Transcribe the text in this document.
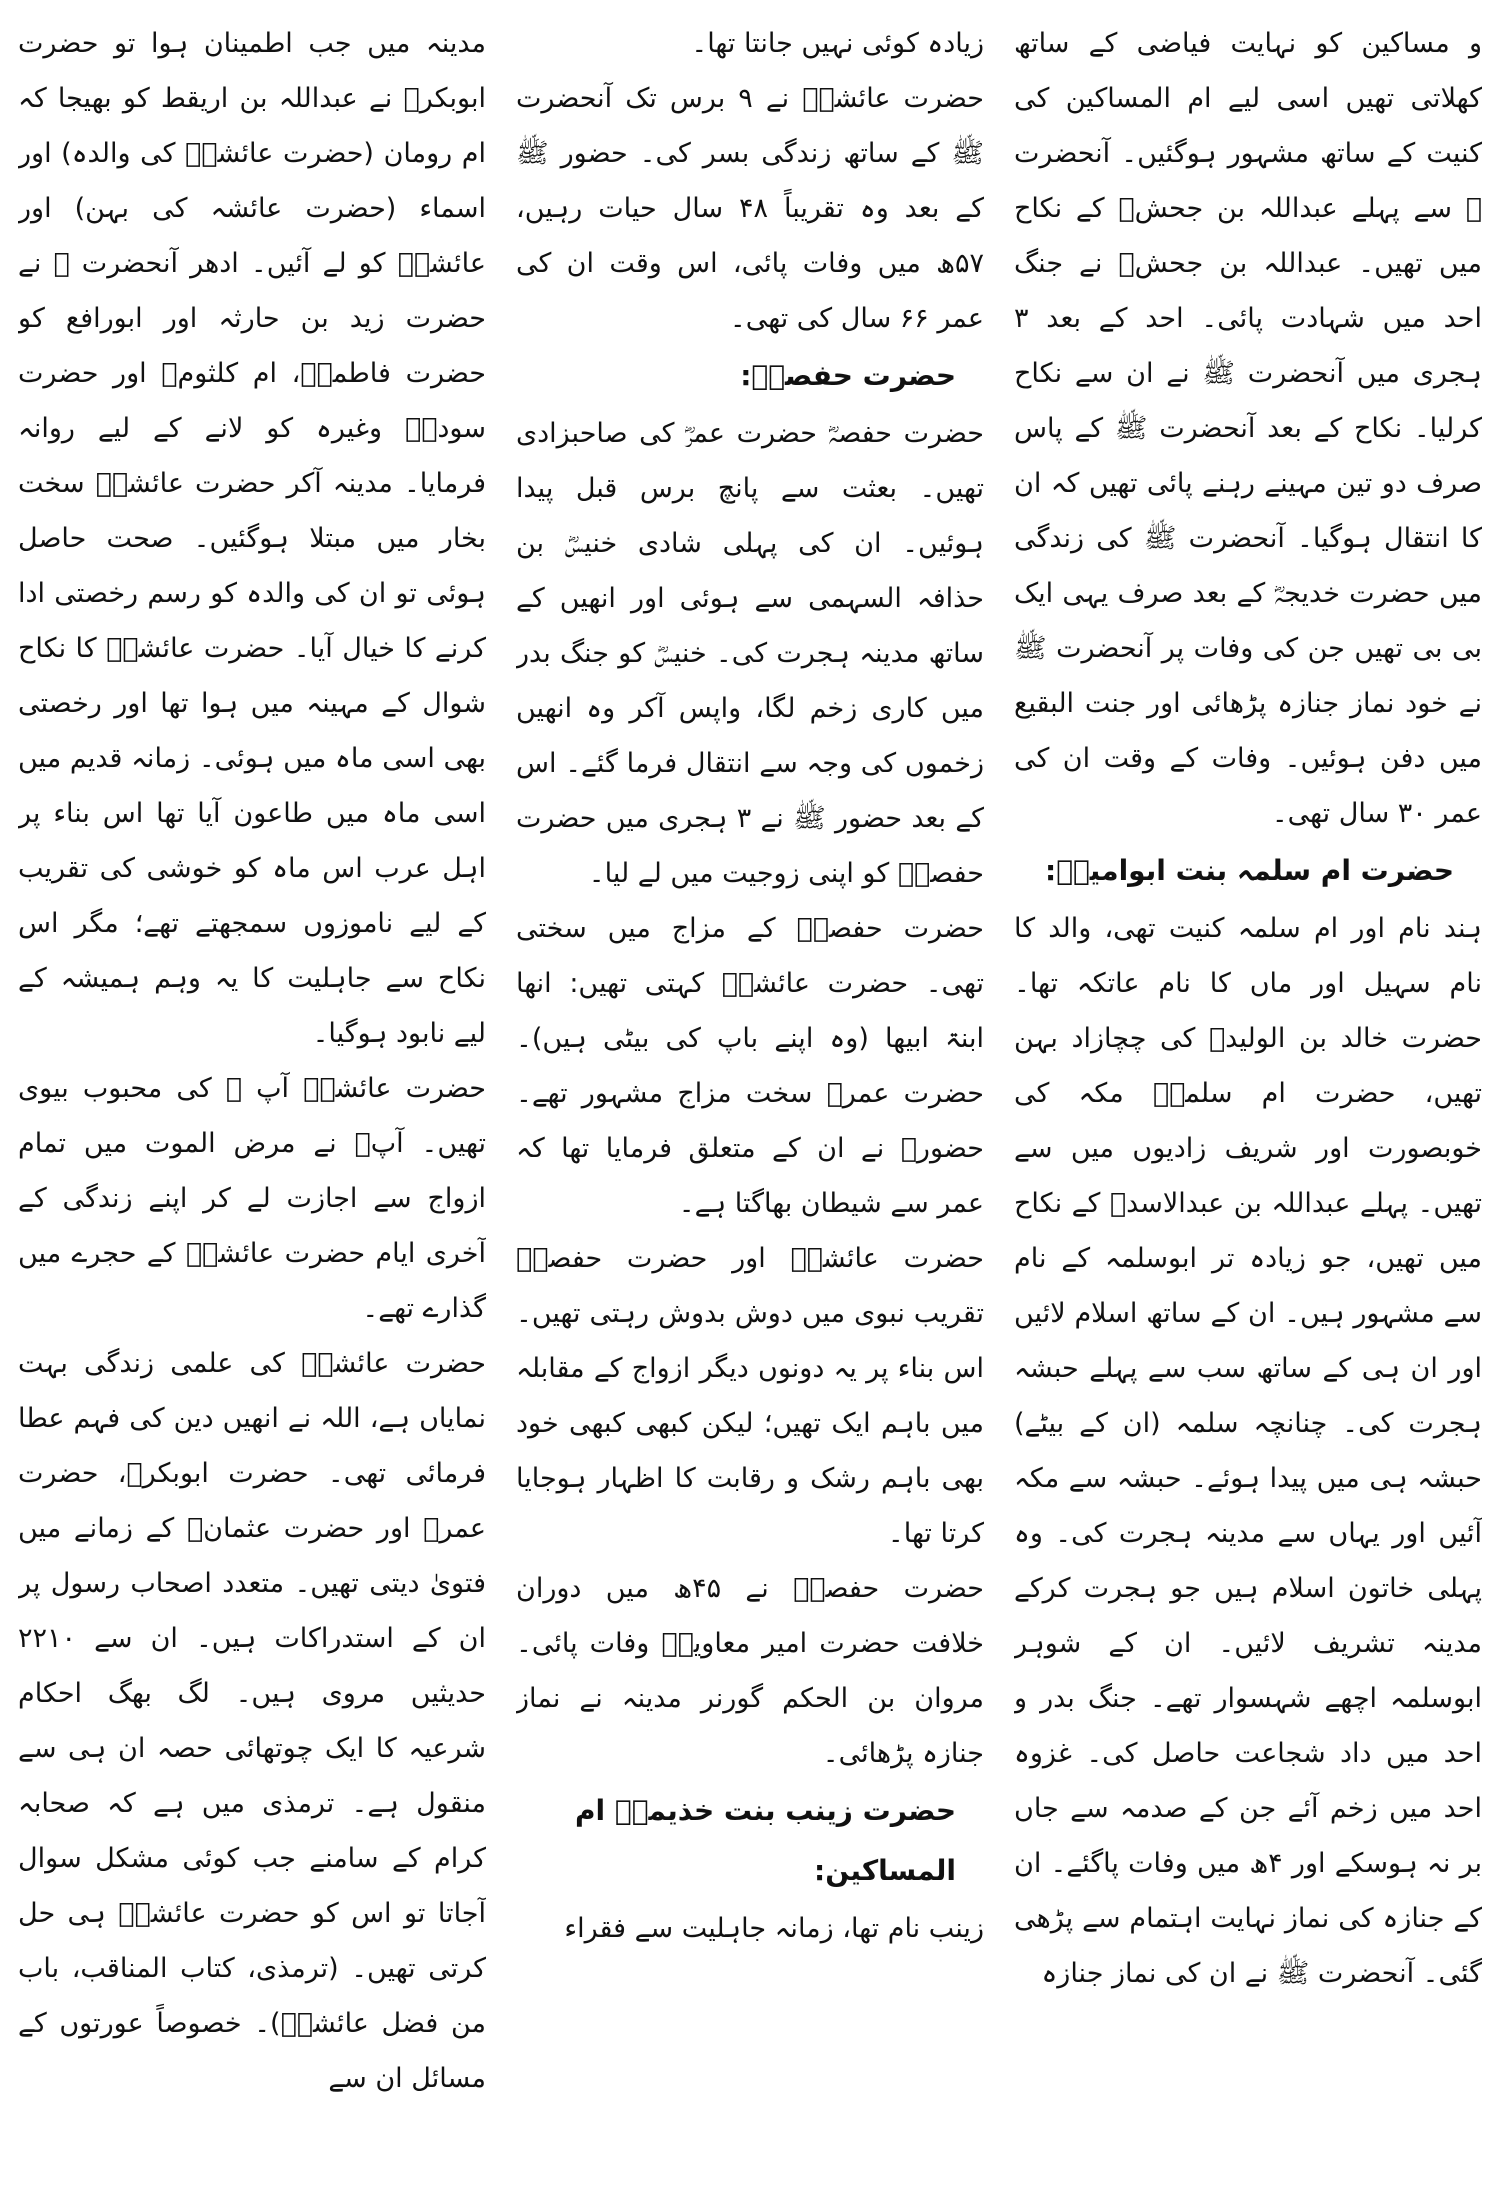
مدینہ میں جب اطمینان ہوا تو حضرت ابوبکرؓ نے عبداللہ بن اریقط کو بھیجا کہ ام رومان (حضرت عائشہؓ کی والدہ) اور اسماء (حضرت عائشہ کی بہن) اور عائشہؓ کو لے آئیں۔ ادھر آنحضرت ﷺ نے حضرت زید بن حارثہ اور ابورافع کو حضرت فاطمہؓ، ام کلثومؓ اور حضرت سودہؓ وغیرہ کو لانے کے لیے روانہ فرمایا۔ مدینہ آکر حضرت عائشہؓ سخت بخار میں مبتلا ہوگئیں۔ صحت حاصل ہوئی تو ان کی والدہ کو رسم رخصتی ادا کرنے کا خیال آیا۔ حضرت عائشہؓ کا نکاح شوال کے مہینہ میں ہوا تھا اور رخصتی بھی اسی ماہ میں ہوئی۔ زمانہ قدیم میں اسی ماہ میں طاعون آیا تھا اس بناء پر اہل عرب اس ماہ کو خوشی کی تقریب کے لیے ناموزوں سمجھتے تھے؛ مگر اس نکاح سے جاہلیت کا یہ وہم ہمیشہ کے لیے نابود ہوگیا۔

حضرت عائشہؓ آپ ﷺ کی محبوب بیوی تھیں۔ آپؐ نے مرض الموت میں تمام ازواج سے اجازت لے کر اپنے زندگی کے آخری ایام حضرت عائشہؓ کے حجرے میں گذارے تھے۔

حضرت عائشہؓ کی علمی زندگی بہت نمایاں ہے، اللہ نے انھیں دین کی فہم عطا فرمائی تھی۔ حضرت ابوبکرؓ، حضرت عمرؓ اور حضرت عثمانؓ کے زمانے میں فتویٰ دیتی تھیں۔ متعدد اصحاب رسول پر ان کے استدراکات ہیں۔ ان سے ۲۲۱۰ حدیثیں مروی ہیں۔ لگ بھگ احکام شرعیہ کا ایک چوتھائی حصہ ان ہی سے منقول ہے۔ ترمذی میں ہے کہ صحابہ کرام کے سامنے جب کوئی مشکل سوال آجاتا تو اس کو حضرت عائشہؓ ہی حل کرتی تھیں۔ (ترمذی، کتاب المناقب، باب من فضل عائشہؓ)۔ خصوصاً عورتوں کے مسائل ان سے

زیادہ کوئی نہیں جانتا تھا۔

حضرت عائشہؓ نے ۹ برس تک آنحضرت ﷺ کے ساتھ زندگی بسر کی۔ حضور ﷺ کے بعد وہ تقریباً ۴۸ سال حیات رہیں، ۵۷ھ میں وفات پائی، اس وقت ان کی عمر ۶۶ سال کی تھی۔

حضرت حفصہؓ:

حضرت حفصہؓ حضرت عمرؓ کی صاحبزادی تھیں۔ بعثت سے پانچ برس قبل پیدا ہوئیں۔ ان کی پہلی شادی خنیسؓ بن حذافہ السہمی سے ہوئی اور انھیں کے ساتھ مدینہ ہجرت کی۔ خنیسؓ کو جنگ بدر میں کاری زخم لگا، واپس آکر وہ انھیں زخموں کی وجہ سے انتقال فرما گئے۔ اس کے بعد حضور ﷺ نے ۳ ہجری میں حضرت حفصہؓ کو اپنی زوجیت میں لے لیا۔

حضرت حفصہؓ کے مزاج میں سختی تھی۔ حضرت عائشہؓ کہتی تھیں: انھا ابنۃ ابیھا (وہ اپنے باپ کی بیٹی ہیں)۔ حضرت عمرؓ سخت مزاج مشہور تھے۔ حضورؐ نے ان کے متعلق فرمایا تھا کہ عمر سے شیطان بھاگتا ہے۔

حضرت عائشہؓ اور حضرت حفصہؓ تقریب نبوی میں دوش بدوش رہتی تھیں۔ اس بناء پر یہ دونوں دیگر ازواج کے مقابلہ میں باہم ایک تھیں؛ لیکن کبھی کبھی خود بھی باہم رشک و رقابت کا اظہار ہوجایا کرتا تھا۔

حضرت حفصہؓ نے ۴۵ھ میں دوران خلافت حضرت امیر معاویہؓ وفات پائی۔ مروان بن الحکم گورنر مدینہ نے نماز جنازہ پڑھائی۔

حضرت زینب بنت خذیمہؓ ام المساکین:

زینب نام تھا، زمانہ جاہلیت سے فقراء

و مساکین کو نہایت فیاضی کے ساتھ کھلاتی تھیں اسی لیے ام المساکین کی کنیت کے ساتھ مشہور ہوگئیں۔ آنحضرت ﷺ سے پہلے عبداللہ بن جحشؓ کے نکاح میں تھیں۔ عبداللہ بن جحشؓ نے جنگ احد میں شہادت پائی۔ احد کے بعد ۳ ہجری میں آنحضرت ﷺ نے ان سے نکاح کرلیا۔ نکاح کے بعد آنحضرت ﷺ کے پاس صرف دو تین مہینے رہنے پائی تھیں کہ ان کا انتقال ہوگیا۔ آنحضرت ﷺ کی زندگی میں حضرت خدیجہؓ کے بعد صرف یہی ایک بی بی تھیں جن کی وفات پر آنحضرت ﷺ نے خود نماز جنازہ پڑھائی اور جنت البقیع میں دفن ہوئیں۔ وفات کے وقت ان کی عمر ۳۰ سال تھی۔

حضرت ام سلمہ بنت ابوامیہؓ:

ہند نام اور ام سلمہ کنیت تھی، والد کا نام سہیل اور ماں کا نام عاتکہ تھا۔ حضرت خالد بن الولیدؓ کی چچازاد بہن تھیں، حضرت ام سلمہؓ مکہ کی خوبصورت اور شریف زادیوں میں سے تھیں۔ پہلے عبداللہ بن عبدالاسدؓ کے نکاح میں تھیں، جو زیادہ تر ابوسلمہ کے نام سے مشہور ہیں۔ ان کے ساتھ اسلام لائیں اور ان ہی کے ساتھ سب سے پہلے حبشہ ہجرت کی۔ چنانچہ سلمہ (ان کے بیٹے) حبشہ ہی میں پیدا ہوئے۔ حبشہ سے مکہ آئیں اور یہاں سے مدینہ ہجرت کی۔ وہ پہلی خاتون اسلام ہیں جو ہجرت کرکے مدینہ تشریف لائیں۔ ان کے شوہر ابوسلمہ اچھے شہسوار تھے۔ جنگ بدر و احد میں داد شجاعت حاصل کی۔ غزوہ احد میں زخم آئے جن کے صدمہ سے جاں بر نہ ہوسکے اور ۴ھ میں وفات پاگئے۔ ان کے جنازہ کی نماز نہایت اہتمام سے پڑھی گئی۔ آنحضرت ﷺ نے ان کی نماز جنازہ
